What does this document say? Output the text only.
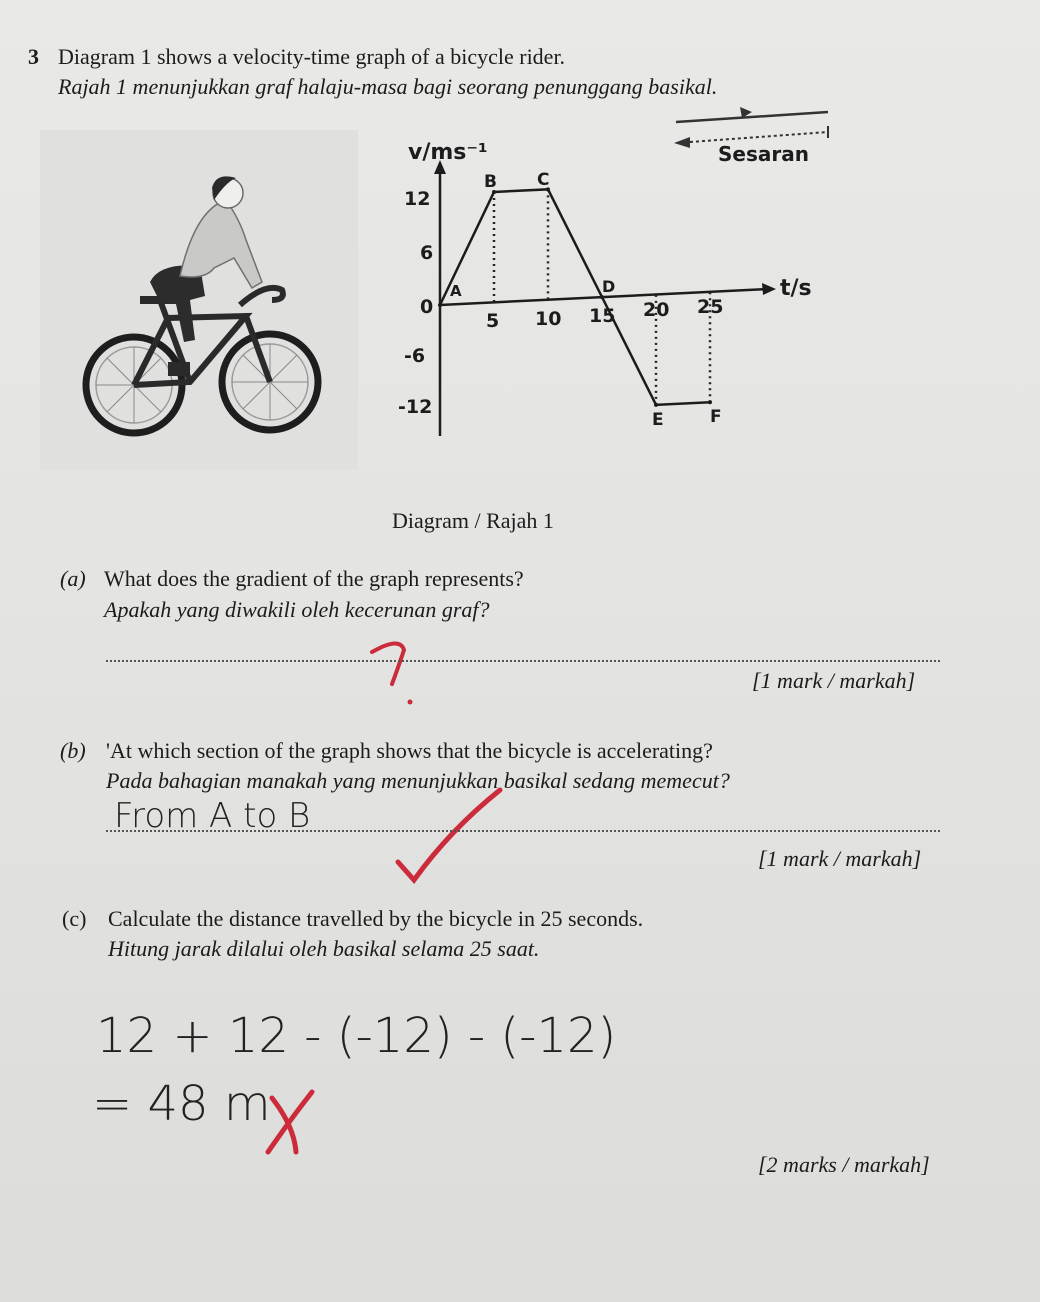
3 Diagram 1 shows a velocity-time graph of a bicycle rider.
Rajah 1 menunjukkan graf halaju-masa bagi seorang penunggang basikal.
Sesaran
v/ms⁻¹
t/s
12
6
0
-6
-12
5 10 15 20 25
A
B C
D
E	F
Diagram / Rajah 1
(a) What does the gradient of the graph represents?
Apakah yang diwakili oleh kecerunan graf?
[1 mark / markah]
(b) 'At which section of the graph shows that the bicycle is accelerating?
Pada bahagian manakah yang menunjukkan basikal sedang memecut?
From A to B
[1 mark / markah]
(c) Calculate the distance travelled by the bicycle in 25 seconds.
Hitung jarak dilalui oleh basikal selama 25 saat.
12 + 12 - (-12) - (-12)
= 48 m
[2 marks / markah]
